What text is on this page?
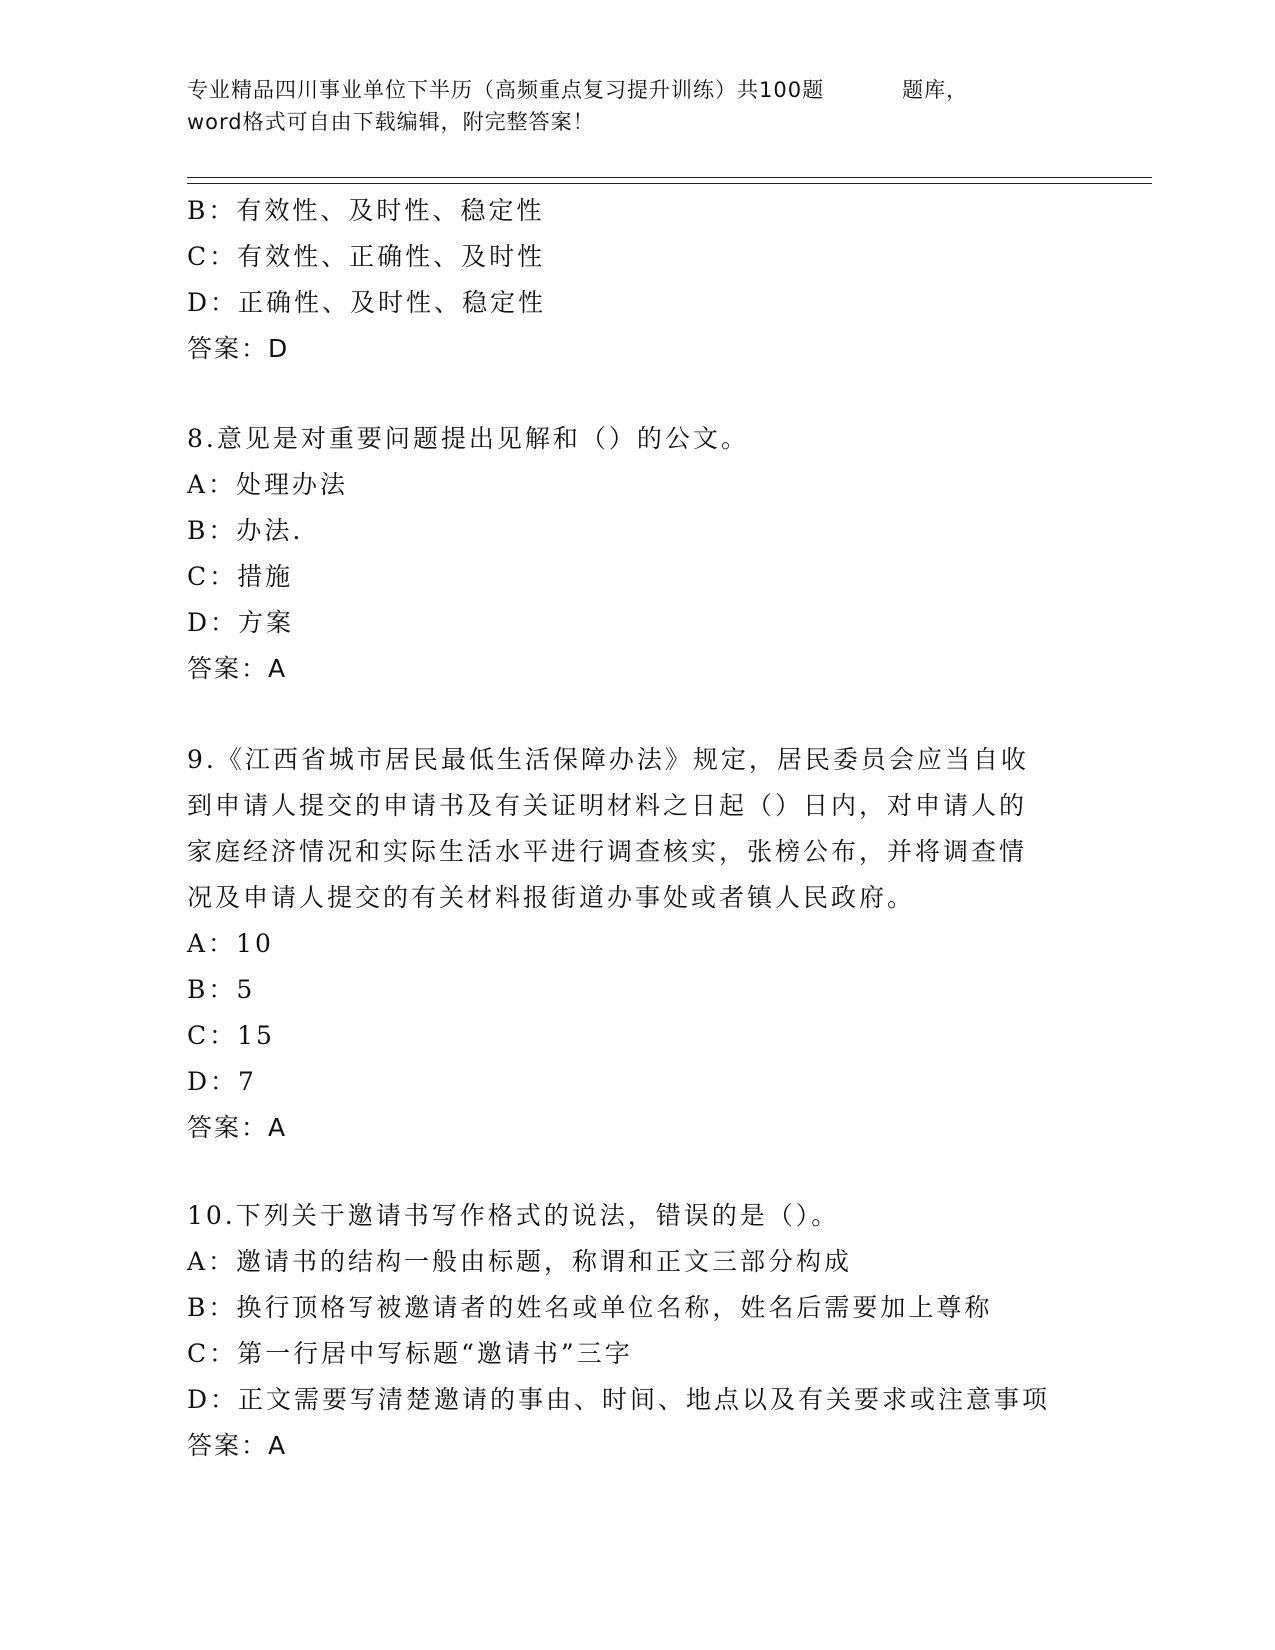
专业精品四川事业单位下半历（高频重点复习提升训练）共100题	题库，
word格式可自由下载编辑，附完整答案！
B：有效性、及时性、稳定性
C：有效性、正确性、及时性
D：正确性、及时性、稳定性
答案：D
8.意见是对重要问题提出见解和（）的公文。
A：处理办法
B：办法.
C：措施
D：方案
答案：A
9.《江西省城市居民最低生活保障办法》规定，居民委员会应当自收
到申请人提交的申请书及有关证明材料之日起（）日内，对申请人的
家庭经济情况和实际生活水平进行调查核实，张榜公布，并将调查情
况及申请人提交的有关材料报街道办事处或者镇人民政府。
A：10
B：5
C：15
D：7
答案：A
10.下列关于邀请书写作格式的说法，错误的是（）。
A：邀请书的结构一般由标题，称谓和正文三部分构成
B：换行顶格写被邀请者的姓名或单位名称，姓名后需要加上尊称
C：第一行居中写标题“邀请书”三字
D：正文需要写清楚邀请的事由、时间、地点以及有关要求或注意事项
答案：A
